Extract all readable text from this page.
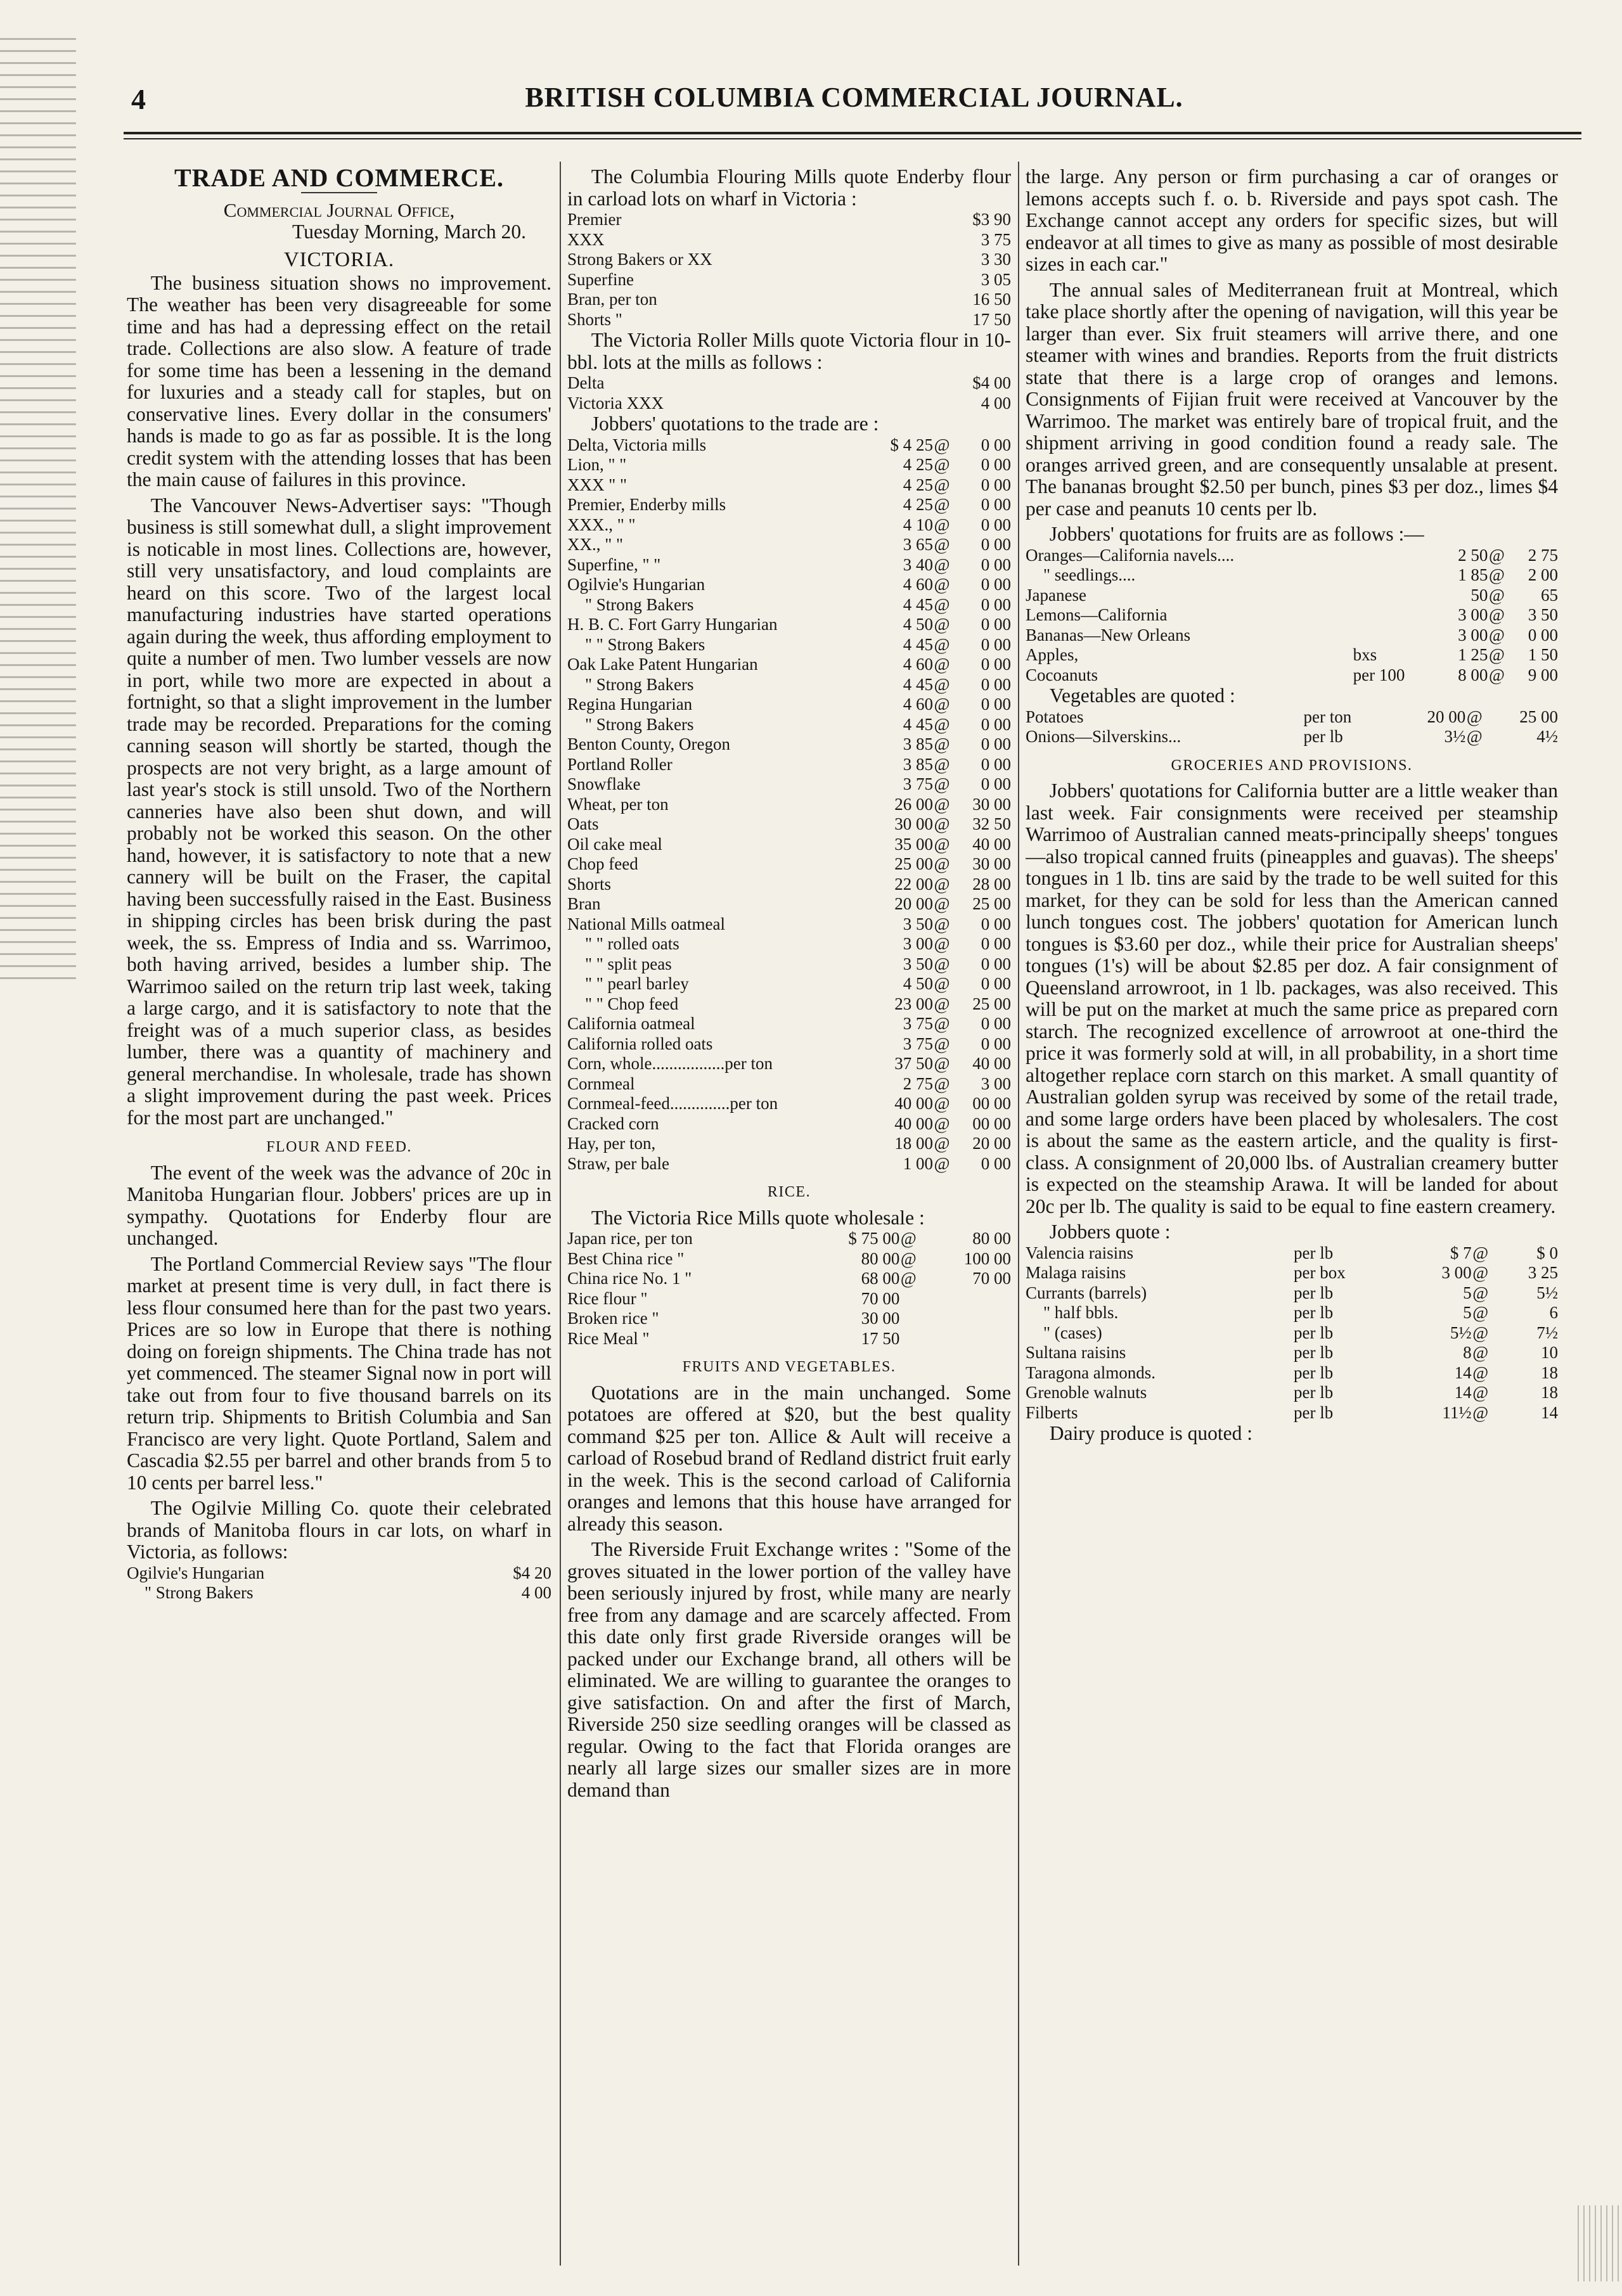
4	BRITISH COLUMBIA COMMERCIAL JOURNAL.
TRADE AND COMMERCE.
Commercial Journal Office,
Tuesday Morning, March 20.
VICTORIA.

The business situation shows no improvement. The weather has been very disagreeable for some time and has had a depressing effect on the retail trade. Collections are also slow. A feature of trade for some time has been a lessening in the demand for luxuries and a steady call for staples, but on conservative lines. Every dollar in the consumers' hands is made to go as far as possible. It is the long credit system with the attending losses that has been the main cause of failures in this province.

The Vancouver News-Advertiser says: "Though business is still somewhat dull, a slight improvement is noticable in most lines. Collections are, however, still very unsatisfactory, and loud complaints are heard on this score. Two of the largest local manufacturing industries have started operations again during the week, thus affording employment to quite a number of men. Two lumber vessels are now in port, while two more are expected in about a fortnight, so that a slight improvement in the lumber trade may be recorded. Preparations for the coming canning season will shortly be started, though the prospects are not very bright, as a large amount of last year's stock is still unsold. Two of the Northern canneries have also been shut down, and will probably not be worked this season. On the other hand, however, it is satisfactory to note that a new cannery will be built on the Fraser, the capital having been successfully raised in the East. Business in shipping circles has been brisk during the past week, the ss. Empress of India and ss. Warrimoo, both having arrived, besides a lumber ship. The Warrimoo sailed on the return trip last week, taking a large cargo, and it is satisfactory to note that the freight was of a much superior class, as besides lumber, there was a quantity of machinery and general merchandise. In wholesale, trade has shown a slight improvement during the past week. Prices for the most part are unchanged."

FLOUR AND FEED.

The event of the week was the advance of 20c in Manitoba Hungarian flour. Jobbers' prices are up in sympathy. Quotations for Enderby flour are unchanged.

The Portland Commercial Review says "The flour market at present time is very dull, in fact there is less flour consumed here than for the past two years. Prices are so low in Europe that there is nothing doing on foreign shipments. The China trade has not yet commenced. The steamer Signal now in port will take out from four to five thousand barrels on its return trip. Shipments to British Columbia and San Francisco are very light. Quote Portland, Salem and Cascadia $2.55 per barrel and other brands from 5 to 10 cents per barrel less."

The Ogilvie Milling Co. quote their celebrated brands of Manitoba flours in car lots, on wharf in Victoria, as follows:

Ogilvie's Hungarian	$4 20
" Strong Bakers	4 00

The Columbia Flouring Mills quote Enderby flour in carload lots on wharf in Victoria :

Premier	$3 90
XXX	3 75
Strong Bakers or XX	3 30
Superfine	3 05
Bran, per ton	16 50
Shorts "	17 50

The Victoria Roller Mills quote Victoria flour in 10-bbl. lots at the mills as follows :

Delta	$4 00
Victoria XXX	4 00

Jobbers' quotations to the trade are :

Delta, Victoria mills	$ 4 25	@	0 00
Lion, " "	4 25	@	0 00
XXX " "	4 25	@	0 00
Premier, Enderby mills	4 25	@	0 00
XXX., " "	4 10	@	0 00
XX., " "	3 65	@	0 00
Superfine, " "	3 40	@	0 00
Ogilvie's Hungarian	4 60	@	0 00
" Strong Bakers	4 45	@	0 00
H. B. C. Fort Garry Hungarian	4 50	@	0 00
" " Strong Bakers	4 45	@	0 00
Oak Lake Patent Hungarian	4 60	@	0 00
" Strong Bakers	4 45	@	0 00
Regina Hungarian	4 60	@	0 00
" Strong Bakers	4 45	@	0 00
Benton County, Oregon	3 85	@	0 00
Portland Roller	3 85	@	0 00
Snowflake	3 75	@	0 00
Wheat, per ton	26 00	@	30 00
Oats	30 00	@	32 50
Oil cake meal	35 00	@	40 00
Chop feed	25 00	@	30 00
Shorts	22 00	@	28 00
Bran	20 00	@	25 00
National Mills oatmeal	3 50	@	0 00
" " rolled oats	3 00	@	0 00
" " split peas	3 50	@	0 00
" " pearl barley	4 50	@	0 00
" " Chop feed	23 00	@	25 00
California oatmeal	3 75	@	0 00
California rolled oats	3 75	@	0 00
Corn, whole.................per ton	37 50	@	40 00
Cornmeal	2 75	@	3 00
Cornmeal-feed..............per ton	40 00	@	00 00
Cracked corn	40 00	@	00 00
Hay, per ton,	18 00	@	20 00
Straw, per bale	1 00	@	0 00
RICE.

The Victoria Rice Mills quote wholesale :

Japan rice, per ton	$ 75 00	@	80 00
Best China rice "	80 00	@	100 00
China rice No. 1 "	68 00	@	70 00
Rice flour "	70 00		
Broken rice "	30 00		
Rice Meal "	17 50		
FRUITS AND VEGETABLES.

Quotations are in the main unchanged. Some potatoes are offered at $20, but the best quality command $25 per ton. Allice & Ault will receive a carload of Rosebud brand of Redland district fruit early in the week. This is the second carload of California oranges and lemons that this house have arranged for already this season.

The Riverside Fruit Exchange writes : "Some of the groves situated in the lower portion of the valley have been seriously injured by frost, while many are nearly free from any damage and are scarcely affected. From this date only first grade Riverside oranges will be packed under our Exchange brand, all others will be eliminated. We are willing to guarantee the oranges to give satisfaction. On and after the first of March, Riverside 250 size seedling oranges will be classed as regular. Owing to the fact that Florida oranges are nearly all large sizes our smaller sizes are in more demand than

the large. Any person or firm purchasing a car of oranges or lemons accepts such f. o. b. Riverside and pays spot cash. The Exchange cannot accept any orders for specific sizes, but will endeavor at all times to give as many as possible of most desirable sizes in each car."

The annual sales of Mediterranean fruit at Montreal, which take place shortly after the opening of navigation, will this year be larger than ever. Six fruit steamers will arrive there, and one steamer with wines and brandies. Reports from the fruit districts state that there is a large crop of oranges and lemons. Consignments of Fijian fruit were received at Vancouver by the Warrimoo. The market was entirely bare of tropical fruit, and the shipment arriving in good condition found a ready sale. The oranges arrived green, and are consequently unsalable at present. The bananas brought $2.50 per bunch, pines $3 per doz., limes $4 per case and peanuts 10 cents per lb.

Jobbers' quotations for fruits are as follows :—

Oranges—California navels....		2 50	@	2 75
" seedlings....		1 85	@	2 00
Japanese		50	@	65
Lemons—California		3 00	@	3 50
Bananas—New Orleans		3 00	@	0 00
Apples,	bxs	1 25	@	1 50
Cocoanuts	per 100	8 00	@	9 00

Vegetables are quoted :

Potatoes	per ton	20 00	@	25 00
Onions—Silverskins...	per lb	3½	@	4½
GROCERIES AND PROVISIONS.

Jobbers' quotations for California butter are a little weaker than last week. Fair consignments were received per steamship Warrimoo of Australian canned meats-principally sheeps' tongues—also tropical canned fruits (pineapples and guavas). The sheeps' tongues in 1 lb. tins are said by the trade to be well suited for this market, for they can be sold for less than the American canned lunch tongues cost. The jobbers' quotation for American lunch tongues is $3.60 per doz., while their price for Australian sheeps' tongues (1's) will be about $2.85 per doz. A fair consignment of Queensland arrowroot, in 1 lb. packages, was also received. This will be put on the market at much the same price as prepared corn starch. The recognized excellence of arrowroot at one-third the price it was formerly sold at will, in all probability, in a short time altogether replace corn starch on this market. A small quantity of Australian golden syrup was received by some of the retail trade, and some large orders have been placed by wholesalers. The cost is about the same as the eastern article, and the quality is first-class. A consignment of 20,000 lbs. of Australian creamery butter is expected on the steamship Arawa. It will be landed for about 20c per lb. The quality is said to be equal to fine eastern creamery.

Jobbers quote :

Valencia raisins	per lb	$ 7	@	$ 0
Malaga raisins	per box	3 00	@	3 25
Currants (barrels)	per lb	5	@	5½
" half bbls.	per lb	5	@	6
" (cases)	per lb	5½	@	7½
Sultana raisins	per lb	8	@	10
Taragona almonds.	per lb	14	@	18
Grenoble walnuts	per lb	14	@	18
Filberts	per lb	11½	@	14

Dairy produce is quoted :
